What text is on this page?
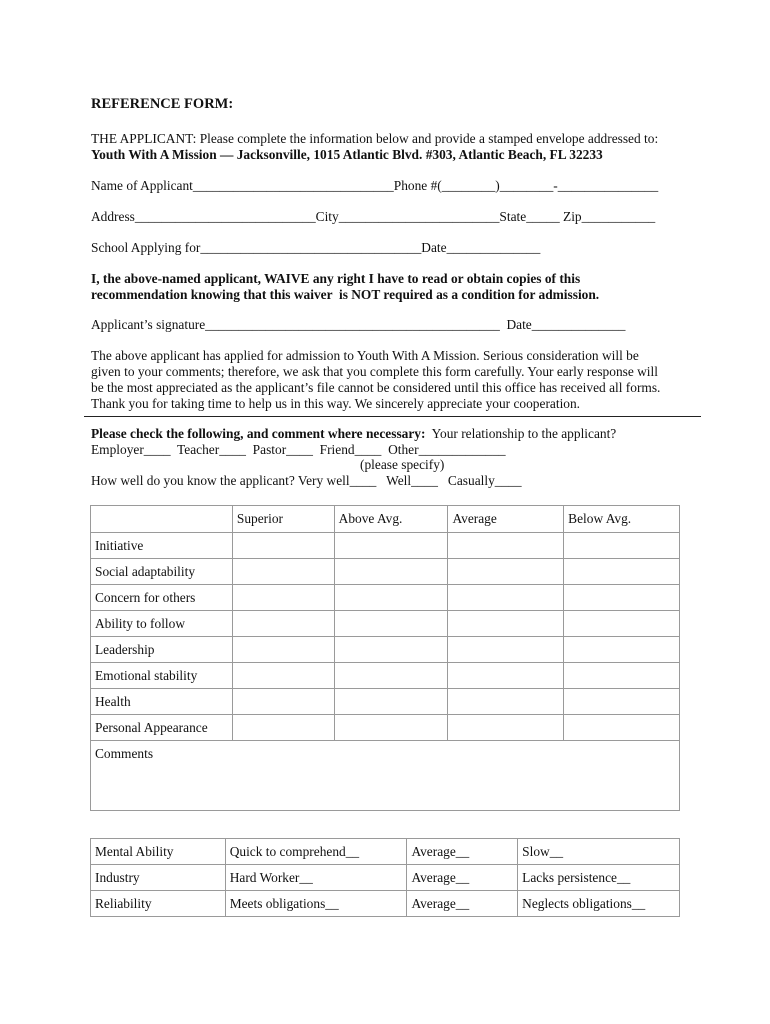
REFERENCE FORM:
THE APPLICANT: Please complete the information below and provide a stamped envelope addressed to:
Youth With A Mission — Jacksonville, 1015 Atlantic Blvd. #303, Atlantic Beach, FL 32233
Name of Applicant______________________________Phone #(________)________-_______________
Address___________________________City________________________State_____ Zip___________
School Applying for_________________________________Date______________
I, the above-named applicant, WAIVE any right I have to read or obtain copies of this
recommendation knowing that this waiver  is NOT required as a condition for admission.
Applicant’s signature____________________________________________  Date______________
The above applicant has applied for admission to Youth With A Mission. Serious consideration will be
given to your comments; therefore, we ask that you complete this form carefully. Your early response will
be the most appreciated as the applicant’s file cannot be considered until this office has received all forms.
Thank you for taking time to help us in this way. We sincerely appreciate your cooperation.
Please check the following, and comment where necessary:  Your relationship to the applicant?
Employer____  Teacher____  Pastor____  Friend____  Other_____________
(please specify)
How well do you know the applicant? Very well____   Well____   Casually____
	Superior	Above Avg.	Average	Below Avg.
Initiative				
Social adaptability				
Concern for others				
Ability to follow				
Leadership				
Emotional stability				
Health				
Personal Appearance				
Comments				
Mental Ability	Quick to comprehend__	Average__	Slow__
Industry	Hard Worker__	Average__	Lacks persistence__
Reliability	Meets obligations__	Average__	Neglects obligations__
